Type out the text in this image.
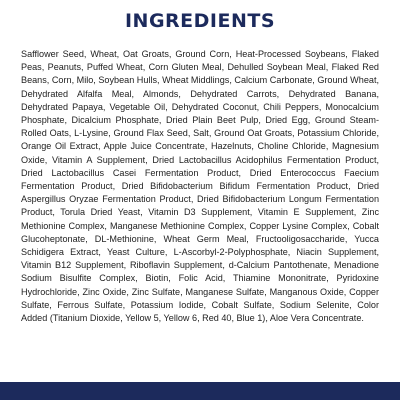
INGREDIENTS

Safflower Seed, Wheat, Oat Groats, Ground Corn, Heat-Processed Soybeans, Flaked Peas, Peanuts, Puffed Wheat, Corn Gluten Meal, Dehulled Soybean Meal, Flaked Red Beans, Corn, Milo, Soybean Hulls, Wheat Middlings, Calcium Carbonate, Ground Wheat, Dehydrated Alfalfa Meal, Almonds, Dehydrated Carrots, Dehydrated Banana, Dehydrated Papaya, Vegetable Oil, Dehydrated Coconut, Chili Peppers, Monocalcium Phosphate, Dicalcium Phosphate, Dried Plain Beet Pulp, Dried Egg, Ground Steam-Rolled Oats, L-Lysine, Ground Flax Seed, Salt, Ground Oat Groats, Potassium Chloride, Orange Oil Extract, Apple Juice Concentrate, Hazelnuts, Choline Chloride, Magnesium Oxide, Vitamin A Supplement, Dried Lactobacillus Acidophilus Fermentation Product, Dried Lactobacillus Casei Fermentation Product, Dried Enterococcus Faecium Fermentation Product, Dried Bifidobacterium Bifidum Fermentation Product, Dried Aspergillus Oryzae Fermentation Product, Dried Bifidobacterium Longum Fermentation Product, Torula Dried Yeast, Vitamin D3 Supplement, Vitamin E Supplement, Zinc Methionine Complex, Manganese Methionine Complex, Copper Lysine Complex, Cobalt Glucoheptonate, DL-Methionine, Wheat Germ Meal, Fructooligosaccharide, Yucca Schidigera Extract, Yeast Culture, L-Ascorbyl-2-Polyphosphate, Niacin Supplement, Vitamin B12 Supplement, Riboflavin Supplement, d-Calcium Pantothenate, Menadione Sodium Bisulfite Complex, Biotin, Folic Acid, Thiamine Mononitrate, Pyridoxine Hydrochloride, Zinc Oxide, Zinc Sulfate, Manganese Sulfate, Manganous Oxide, Copper Sulfate, Ferrous Sulfate, Potassium Iodide, Cobalt Sulfate, Sodium Selenite, Color Added (Titanium Dioxide, Yellow 5, Yellow 6, Red 40, Blue 1), Aloe Vera Concentrate.
